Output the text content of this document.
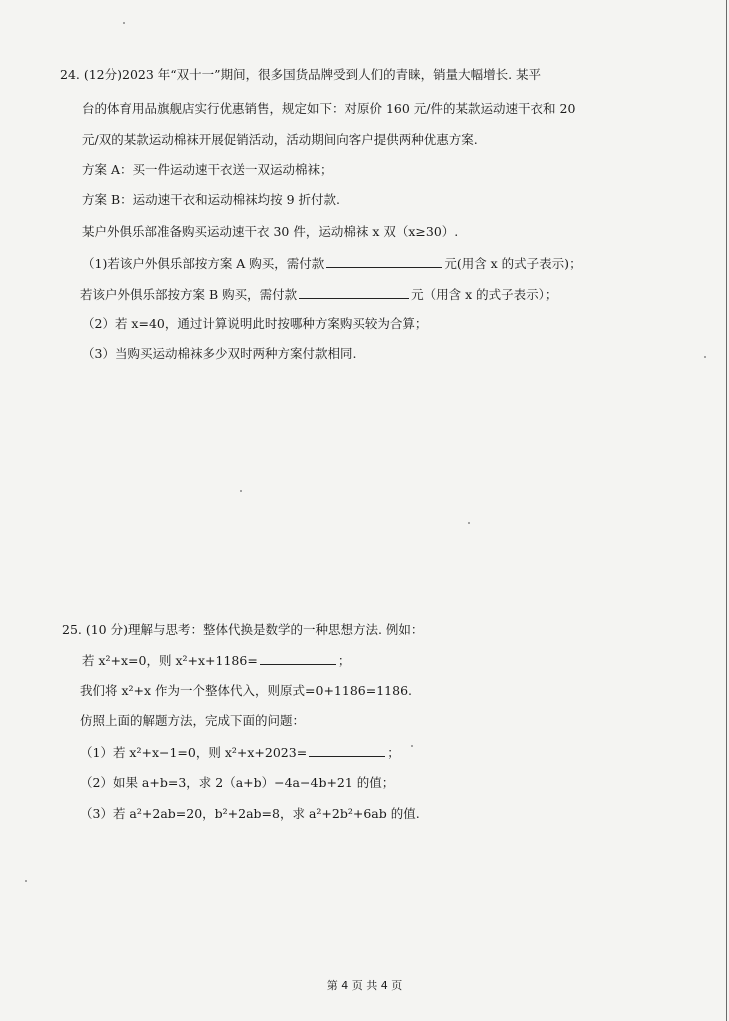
24. (12分)2023 年“双十一”期间，很多国货品牌受到人们的青睐，销量大幅增长. 某平
台的体育用品旗舰店实行优惠销售，规定如下：对原价 160 元/件的某款运动速干衣和 20
元/双的某款运动棉袜开展促销活动，活动期间向客户提供两种优惠方案.
方案 A：买一件运动速干衣送一双运动棉袜；
方案 B：运动速干衣和运动棉袜均按 9 折付款.
某户外俱乐部准备购买运动速干衣 30 件，运动棉袜 x 双（x≥30）.
（1)若该户外俱乐部按方案 A 购买，需付款	元(用含 x 的式子表示)；
若该户外俱乐部按方案 B 购买，需付款	元（用含 x 的式子表示）；
（2）若 x=40，通过计算说明此时按哪种方案购买较为合算；
（3）当购买运动棉袜多少双时两种方案付款相同.
25. (10 分)理解与思考：整体代换是数学的一种思想方法. 例如：
若 x²+x=0，则 x²+x+1186=	；
我们将 x²+x 作为一个整体代入，则原式=0+1186=1186.
仿照上面的解题方法，完成下面的问题：
（1）若 x²+x−1=0，则 x²+x+2023=	；
（2）如果 a+b=3，求 2（a+b）−4a−4b+21 的值；
（3）若 a²+2ab=20，b²+2ab=8，求 a²+2b²+6ab 的值.
第 4 页 共 4 页
